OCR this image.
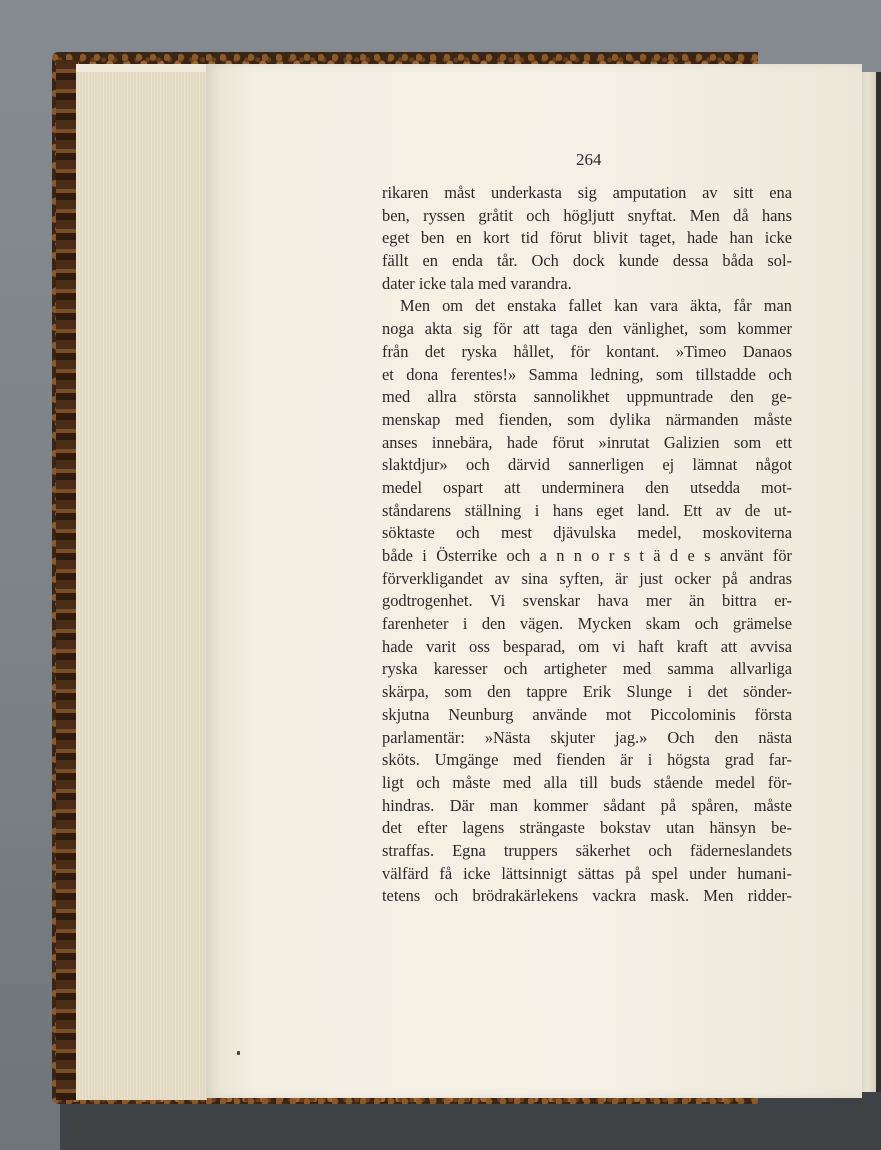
264
rikaren måst underkasta sig amputation av sitt ena
ben, ryssen gråtit och högljutt snyftat. Men då hans
eget ben en kort tid förut blivit taget, hade han icke
fällt en enda tår. Och dock kunde dessa båda sol-
dater icke tala med varandra.
Men om det enstaka fallet kan vara äkta, får man
noga akta sig för att taga den vänlighet, som kommer
från det ryska hållet, för kontant. »Timeo Danaos
et dona ferentes!» Samma ledning, som tillstadde och
med allra största sannolikhet uppmuntrade den ge-
menskap med fienden, som dylika närmanden måste
anses innebära, hade förut »inrutat Galizien som ett
slaktdjur» och därvid sannerligen ej lämnat något
medel ospart att underminera den utsedda mot-
ståndarens ställning i hans eget land. Ett av de ut-
söktaste och mest djävulska medel, moskoviterna
både i Österrike och a n n o r s t ä d e s använt för
förverkligandet av sina syften, är just ocker på andras
godtrogenhet. Vi svenskar hava mer än bittra er-
farenheter i den vägen. Mycken skam och grämelse
hade varit oss besparad, om vi haft kraft att avvisa
ryska karesser och artigheter med samma allvarliga
skärpa, som den tappre Erik Slunge i det sönder-
skjutna Neunburg använde mot Piccolominis första
parlamentär: »Nästa skjuter jag.» Och den nästa
sköts. Umgänge med fienden är i högsta grad far-
ligt och måste med alla till buds stående medel för-
hindras. Där man kommer sådant på spåren, måste
det efter lagens strängaste bokstav utan hänsyn be-
straffas. Egna truppers säkerhet och fäderneslandets
välfärd få icke lättsinnigt sättas på spel under humani-
tetens och brödrakärlekens vackra mask. Men ridder-
